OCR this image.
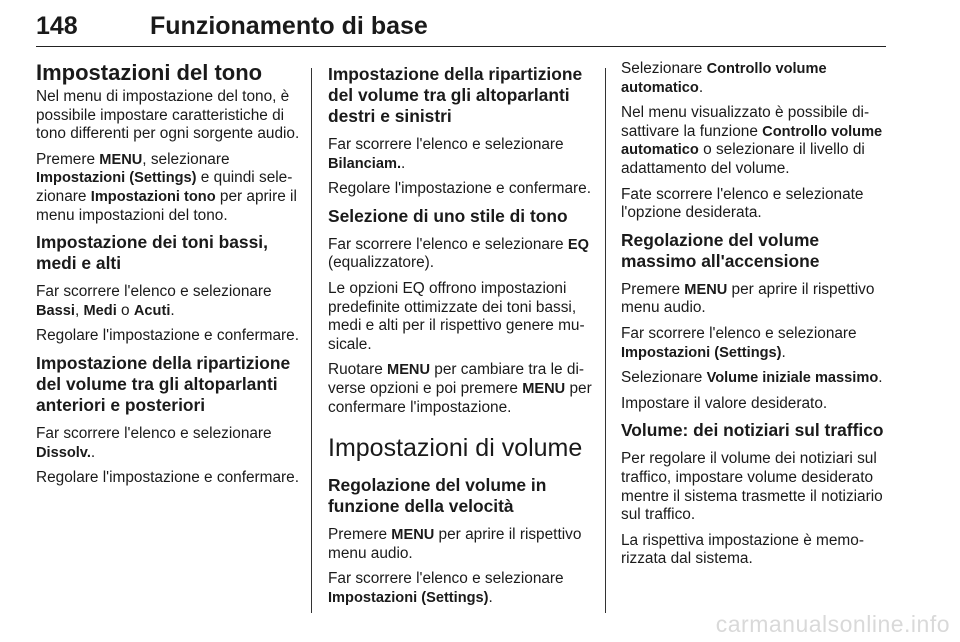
148	Funzionamento di base
Impostazioni del tono

Nel menu di impostazione del tono, è possibile impostare caratteristiche di tono differenti per ogni sorgente audio.

Premere MENU, selezionare Impostazioni (Settings) e quindi selezionare Impostazioni tono per aprire il menu impostazioni del tono.

Impostazione dei toni bassi, medi e alti

Far scorrere l'elenco e selezionare Bassi, Medi o Acuti.

Regolare l'impostazione e confermare.

Impostazione della ripartizione del volume tra gli altoparlanti anteriori e posteriori

Far scorrere l'elenco e selezionare Dissolv..

Regolare l'impostazione e confermare.

Impostazione della ripartizione del volume tra gli altoparlanti destri e sinistri

Far scorrere l'elenco e selezionare Bilanciam..

Regolare l'impostazione e confermare.

Selezione di uno stile di tono

Far scorrere l'elenco e selezionare EQ (equalizzatore).

Le opzioni EQ offrono impostazioni predefinite ottimizzate dei toni bassi, medi e alti per il rispettivo genere musicale.

Ruotare MENU per cambiare tra le diverse opzioni e poi premere MENU per confermare l'impostazione.

Impostazioni di volume
Regolazione del volume in funzione della velocità

Premere MENU per aprire il rispettivo menu audio.

Far scorrere l'elenco e selezionare Impostazioni (Settings).

Selezionare Controllo volume automatico.

Nel menu visualizzato è possibile disattivare la funzione Controllo volume automatico o selezionare il livello di adattamento del volume.

Fate scorrere l'elenco e selezionate l'opzione desiderata.

Regolazione del volume massimo all'accensione

Premere MENU per aprire il rispettivo menu audio.

Far scorrere l'elenco e selezionare Impostazioni (Settings).

Selezionare Volume iniziale massimo.

Impostare il valore desiderato.

Volume: dei notiziari sul traffico

Per regolare il volume dei notiziari sul traffico, impostare volume desiderato mentre il sistema trasmette il notiziario sul traffico.

La rispettiva impostazione è memorizzata dal sistema.

carmanualsonline.info
